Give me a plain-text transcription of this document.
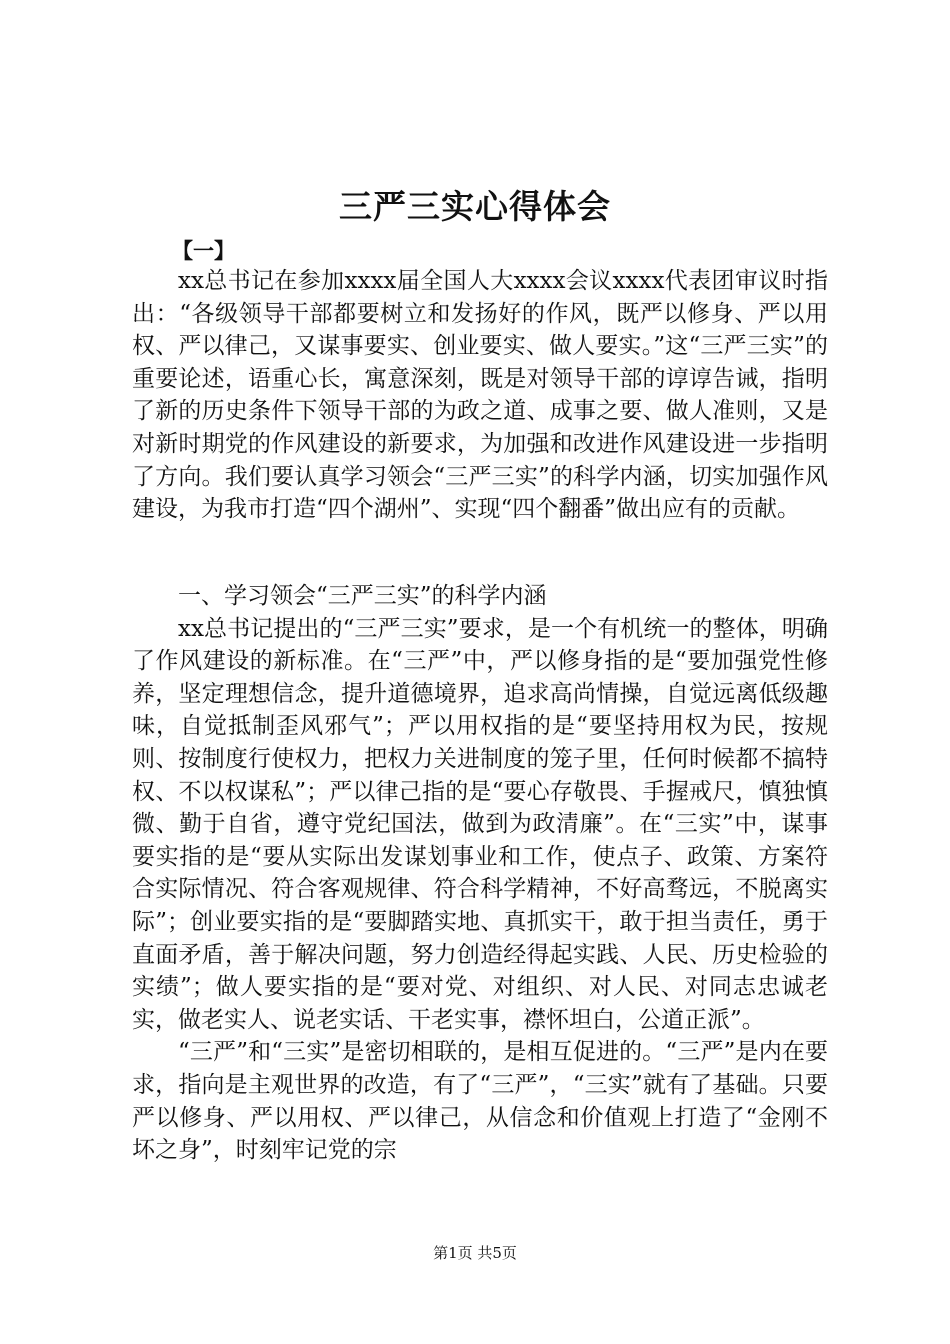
三严三实心得体会
【一】

xx总书记在参加xxxx届全国人大xxxx会议xxxx代表团审议时指出：“各级领导干部都要树立和发扬好的作风，既严以修身、严以用权、严以律己，又谋事要实、创业要实、做人要实。”这“三严三实”的重要论述，语重心长，寓意深刻，既是对领导干部的谆谆告诫，指明了新的历史条件下领导干部的为政之道、成事之要、做人准则，又是对新时期党的作风建设的新要求，为加强和改进作风建设进一步指明了方向。我们要认真学习领会“三严三实”的科学内涵，切实加强作风建设，为我市打造“四个湖州”、实现“四个翻番”做出应有的贡献。

一、学习领会“三严三实”的科学内涵

xx总书记提出的“三严三实”要求，是一个有机统一的整体，明确了作风建设的新标准。在“三严”中，严以修身指的是“要加强党性修养，坚定理想信念，提升道德境界，追求高尚情操，自觉远离低级趣味，自觉抵制歪风邪气”；严以用权指的是“要坚持用权为民，按规则、按制度行使权力，把权力关进制度的笼子里，任何时候都不搞特权、不以权谋私”；严以律己指的是“要心存敬畏、手握戒尺，慎独慎微、勤于自省，遵守党纪国法，做到为政清廉”。在“三实”中，谋事要实指的是“要从实际出发谋划事业和工作，使点子、政策、方案符合实际情况、符合客观规律、符合科学精神，不好高骛远，不脱离实际”；创业要实指的是“要脚踏实地、真抓实干，敢于担当责任，勇于直面矛盾，善于解决问题，努力创造经得起实践、人民、历史检验的实绩”；做人要实指的是“要对党、对组织、对人民、对同志忠诚老实，做老实人、说老实话、干老实事，襟怀坦白，公道正派”。

“三严”和“三实”是密切相联的，是相互促进的。“三严”是内在要求，指向是主观世界的改造，有了“三严”，“三实”就有了基础。只要严以修身、严以用权、严以律己，从信念和价值观上打造了“金刚不坏之身”，时刻牢记党的宗

第1页 共5页
